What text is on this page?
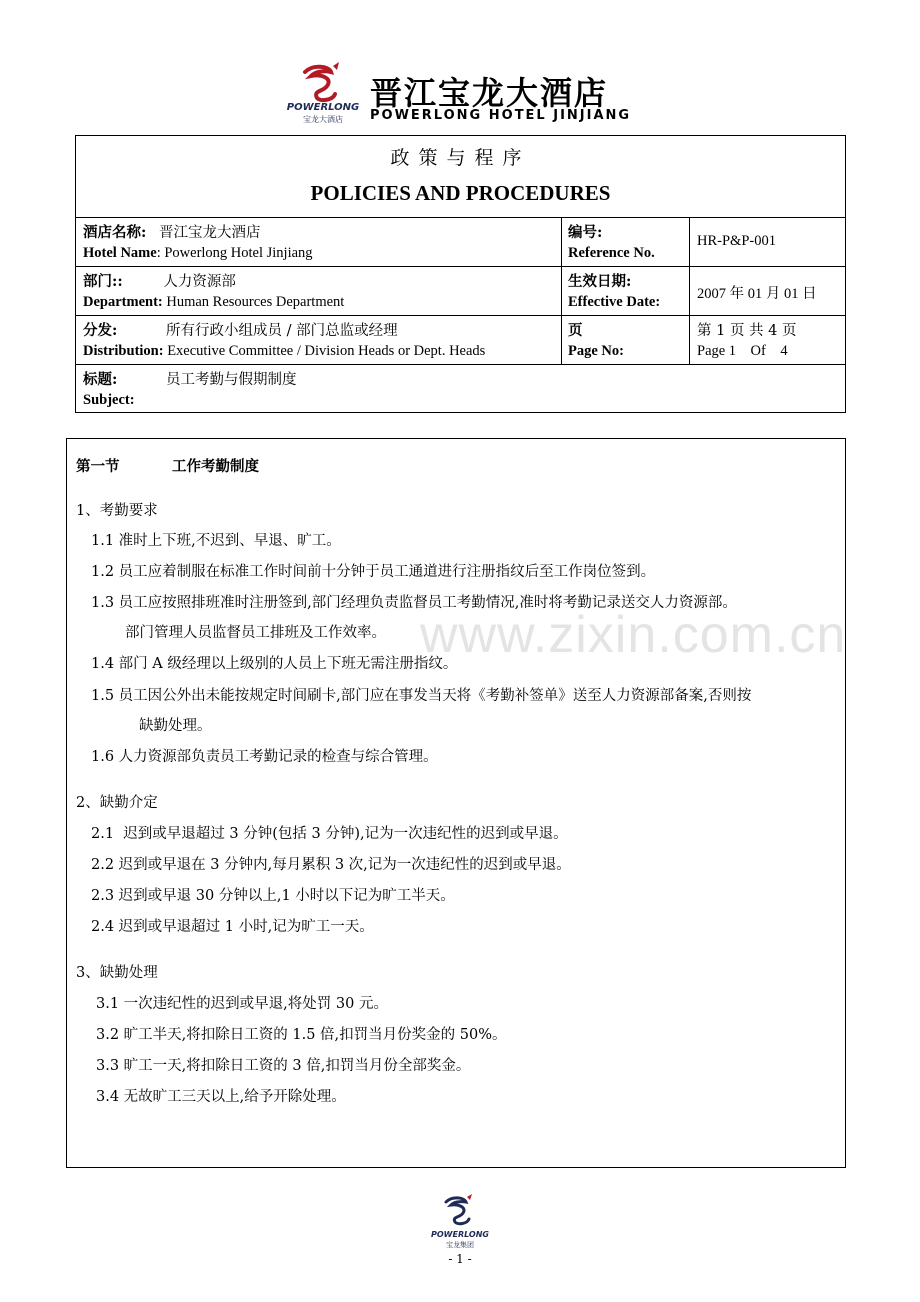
POWERLONG
宝龙大酒店
晋江宝龙大酒店
POWERLONG HOTEL JINJIANG
政策与程序
POLICIES AND PROCEDURES
酒店名称: 晋江宝龙大酒店
Hotel Name: Powerlong Hotel Jinjiang
编号:
Reference No.
HR-P&P-001
部门::	人力资源部
Department: Human Resources Department
生效日期:
Effective Date:	2007 年 01 月 01 日
分发:	所有行政小组成员 / 部门总监或经理
Distribution: Executive Committee / Division Heads or Dept. Heads
页
Page No:
第 1 页 共 4 页
Page 1    Of    4
标题:	员工考勤与假期制度
Subject:
www.zixin.com.cn
第一节	工作考勤制度
1、考勤要求
1.1 准时上下班,不迟到、早退、旷工。
1.2 员工应着制服在标准工作时间前十分钟于员工通道进行注册指纹后至工作岗位签到。
1.3 员工应按照排班准时注册签到,部门经理负责监督员工考勤情况,准时将考勤记录送交人力资源部。
部门管理人员监督员工排班及工作效率。
1.4 部门 A 级经理以上级别的人员上下班无需注册指纹。
1.5 员工因公外出未能按规定时间刷卡,部门应在事发当天将《考勤补签单》送至人力资源部备案,否则按
缺勤处理。
1.6 人力资源部负责员工考勤记录的检查与综合管理。
2、缺勤介定
2.1  迟到或早退超过 3 分钟(包括 3 分钟),记为一次违纪性的迟到或早退。
2.2 迟到或早退在 3 分钟内,每月累积 3 次,记为一次违纪性的迟到或早退。
2.3 迟到或早退 30 分钟以上,1 小时以下记为旷工半天。
2.4 迟到或早退超过 1 小时,记为旷工一天。
3、缺勤处理
3.1 一次违纪性的迟到或早退,将处罚 30 元。
3.2 旷工半天,将扣除日工资的 1.5 倍,扣罚当月份奖金的 50%。
3.3 旷工一天,将扣除日工资的 3 倍,扣罚当月份全部奖金。
3.4 无故旷工三天以上,给予开除处理。
POWERLONG
宝龙集团
- 1 -
